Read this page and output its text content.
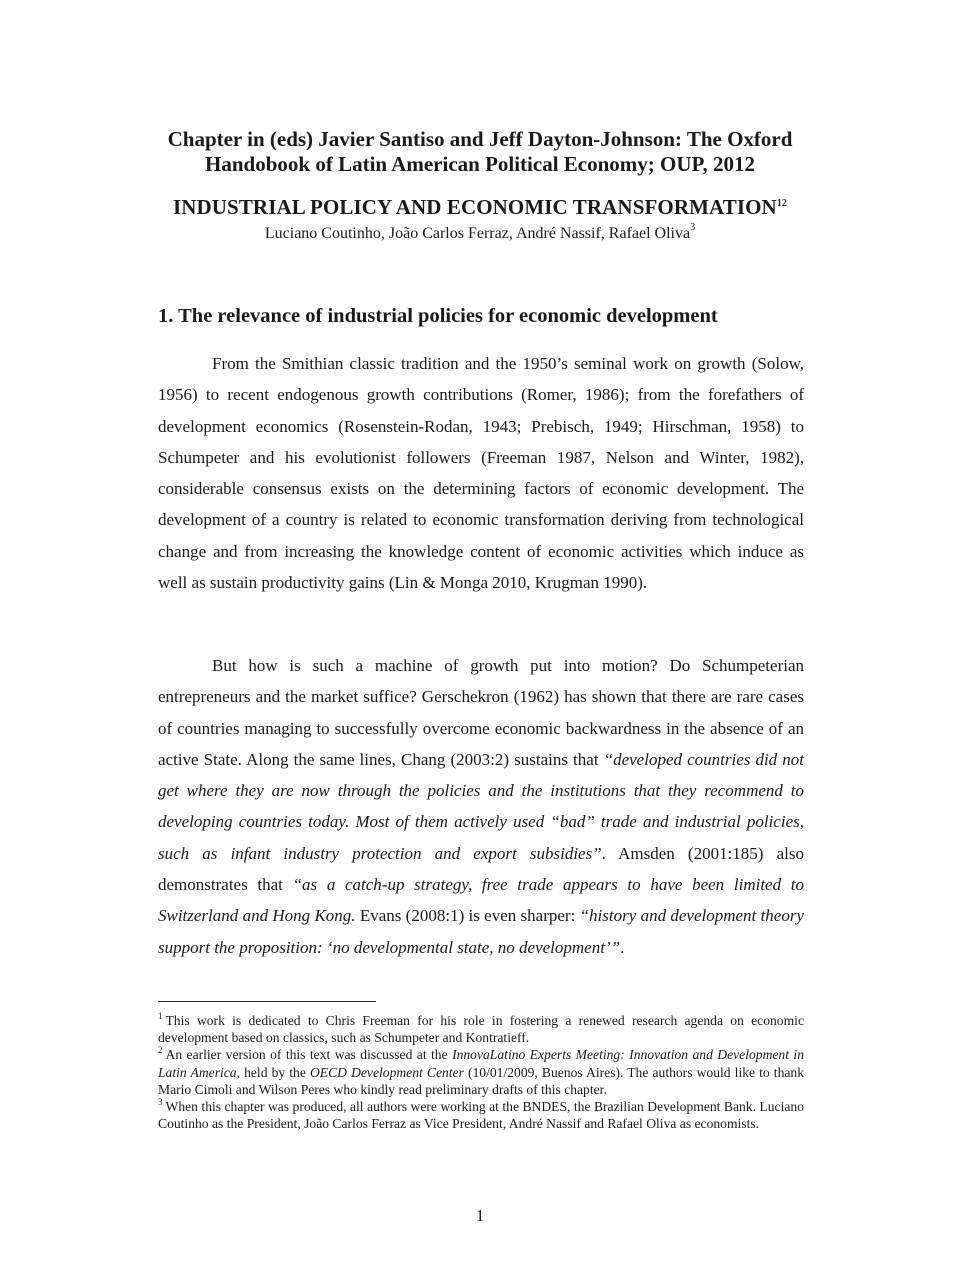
Chapter in (eds) Javier Santiso and Jeff Dayton-Johnson: The Oxford
Handobook of Latin American Political Economy; OUP, 2012
INDUSTRIAL POLICY AND ECONOMIC TRANSFORMATION$^{12}$
Luciano Coutinho, João Carlos Ferraz, André Nassif, Rafael Oliva$^3$
1. The relevance of industrial policies for economic development

From the Smithian classic tradition and the 1950’s seminal work on growth (Solow, 1956) to recent endogenous growth contributions (Romer, 1986); from the forefathers of development economics (Rosenstein-Rodan, 1943; Prebisch, 1949; Hirschman, 1958) to Schumpeter and his evolutionist followers (Freeman 1987, Nelson and Winter, 1982), considerable consensus exists on the determining factors of economic development. The development of a country is related to economic transformation deriving from technological change and from increasing the knowledge content of economic activities which induce as well as sustain productivity gains (Lin & Monga 2010, Krugman 1990).

But how is such a machine of growth put into motion? Do Schumpeterian entrepreneurs and the market suffice? Gerschekron (1962) has shown that there are rare cases of countries managing to successfully overcome economic backwardness in the absence of an active State. Along the same lines, Chang (2003:2) sustains that “developed countries did not get where they are now through the policies and the institutions that they recommend to developing countries today. Most of them actively used “bad” trade and industrial policies, such as infant industry protection and export subsidies”. Amsden (2001:185) also demonstrates that “as a catch-up strategy, free trade appears to have been limited to Switzerland and Hong Kong. Evans (2008:1) is even sharper: “history and development theory support the proposition: ‘no developmental state, no development’”.

$^1$ This work is dedicated to Chris Freeman for his role in fostering a renewed research agenda on economic development based on classics, such as Schumpeter and Kontratieff.

$^2$ An earlier version of this text was discussed at the InnovaLatino Experts Meeting: Innovation and Development in Latin America, held by the OECD Development Center (10/01/2009, Buenos Aires). The authors would like to thank Mario Cimoli and Wilson Peres who kindly read preliminary drafts of this chapter.

$^3$ When this chapter was produced, all authors were working at the BNDES, the Brazilian Development Bank. Luciano Coutinho as the President, João Carlos Ferraz as Vice President, André Nassif and Rafael Oliva as economists.

1
